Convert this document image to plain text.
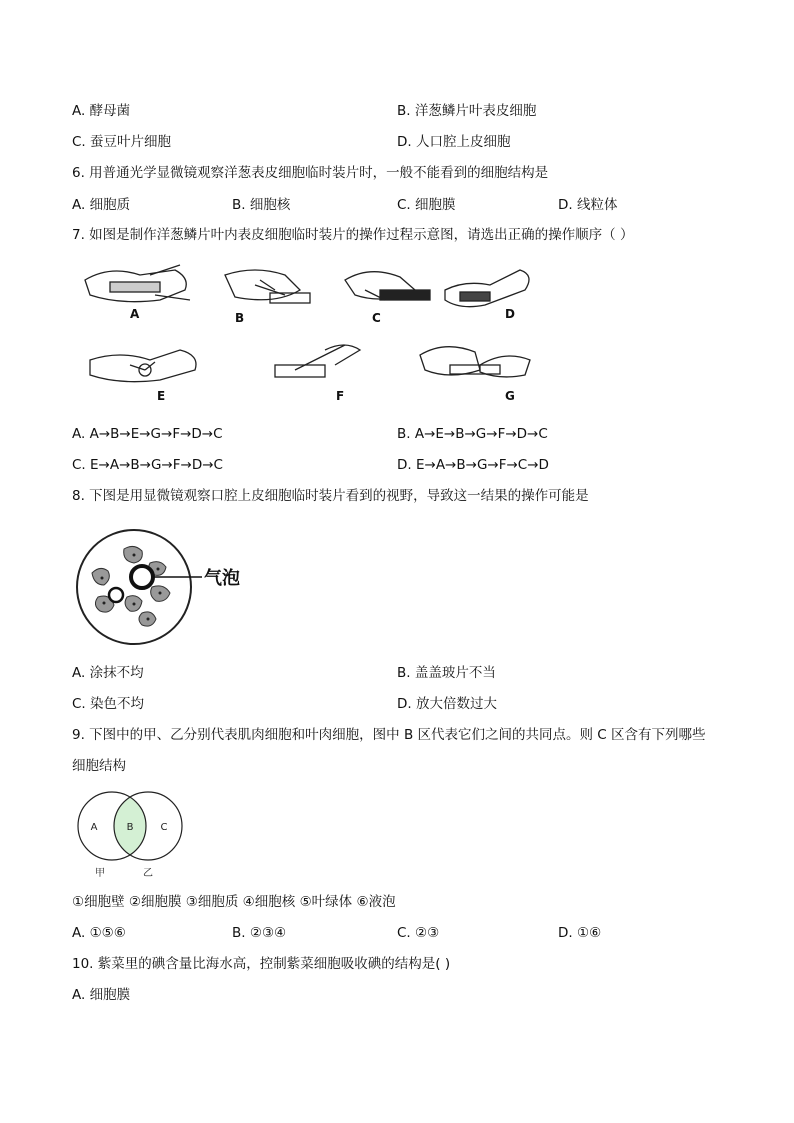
A. 酵母菌	B. 洋葱鳞片叶表皮细胞
C. 蚕豆叶片细胞	D. 人口腔上皮细胞
6. 用普通光学显微镜观察洋葱表皮细胞临时装片时，一般不能看到的细胞结构是
A. 细胞质	B. 细胞核	C. 细胞膜	D. 线粒体
7. 如图是制作洋葱鳞片叶内表皮细胞临时装片的操作过程示意图，请选出正确的操作顺序（ ）
A	B	C	D
E	F	G
A. A→B→E→G→F→D→C	B. A→E→B→G→F→D→C
C. E→A→B→G→F→D→C	D. E→A→B→G→F→C→D
8. 下图是用显微镜观察口腔上皮细胞临时装片看到的视野，导致这一结果的操作可能是
气泡
A. 涂抹不均	B. 盖盖玻片不当
C. 染色不均	D. 放大倍数过大
9. 下图中的甲、乙分别代表肌肉细胞和叶肉细胞，图中 B 区代表它们之间的共同点。则 C 区含有下列哪些
细胞结构
A	B	C
甲	乙
①细胞壁 ②细胞膜 ③细胞质 ④细胞核 ⑤叶绿体 ⑥液泡
A. ①⑤⑥	B. ②③④	C. ②③	D. ①⑥
10. 紫菜里的碘含量比海水高，控制紫菜细胞吸收碘的结构是( )
A. 细胞膜
